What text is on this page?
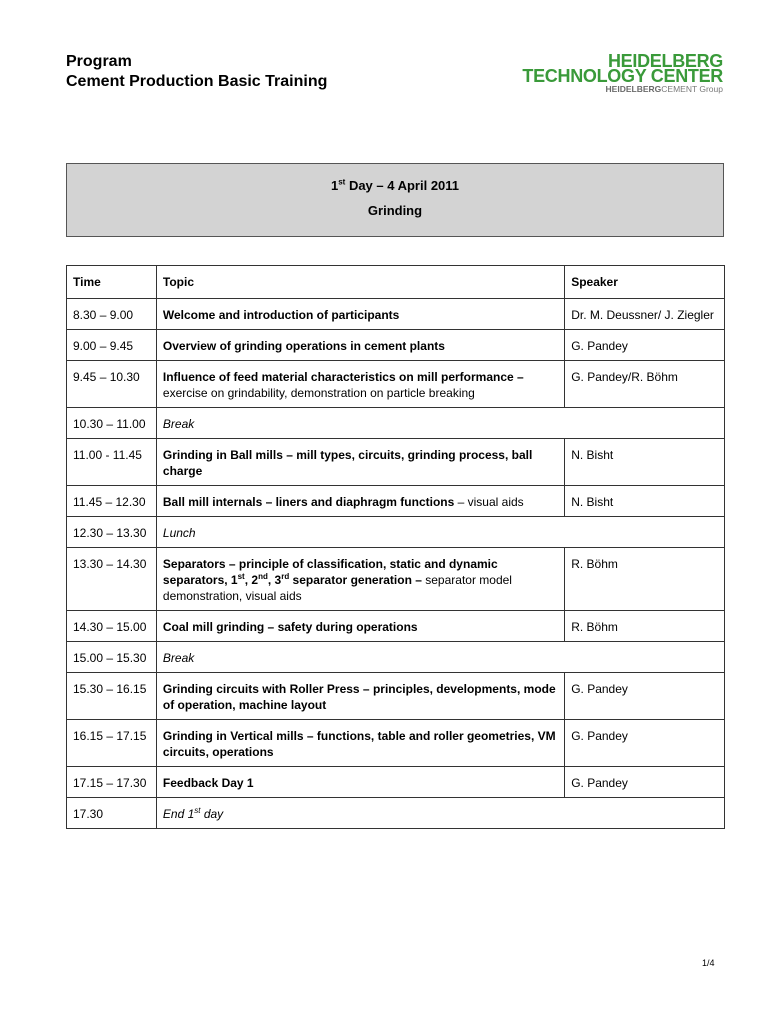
Program
Cement Production Basic Training
HEIDELBERG
TECHNOLOGY CENTER
HEIDELBERGCEMENT Group
1st Day – 4 April 2011
Grinding
Time	Topic	Speaker
8.30 – 9.00	Welcome and introduction of participants	Dr. M. Deussner/ J. Ziegler
9.00 – 9.45	Overview of grinding operations in cement plants	G. Pandey
9.45 – 10.30	Influence of feed material characteristics on mill performance – exercise on grindability, demonstration on particle breaking	G. Pandey/R. Böhm
10.30 – 11.00	Break	
11.00 - 11.45	Grinding in Ball mills – mill types, circuits, grinding process, ball charge	N. Bisht
11.45 – 12.30	Ball mill internals – liners and diaphragm functions – visual aids	N. Bisht
12.30 – 13.30	Lunch	
13.30 – 14.30	Separators – principle of classification, static and dynamic separators, 1st, 2nd, 3rd separator generation – separator model demonstration, visual aids	R. Böhm
14.30 – 15.00	Coal mill grinding – safety during operations	R. Böhm
15.00 – 15.30	Break	
15.30 – 16.15	Grinding circuits with Roller Press – principles, developments, mode of operation, machine layout	G. Pandey
16.15 – 17.15	Grinding in Vertical mills – functions, table and roller geometries, VM circuits, operations	G. Pandey
17.15 – 17.30	Feedback Day 1	G. Pandey
17.30	End 1st day	
1/4
